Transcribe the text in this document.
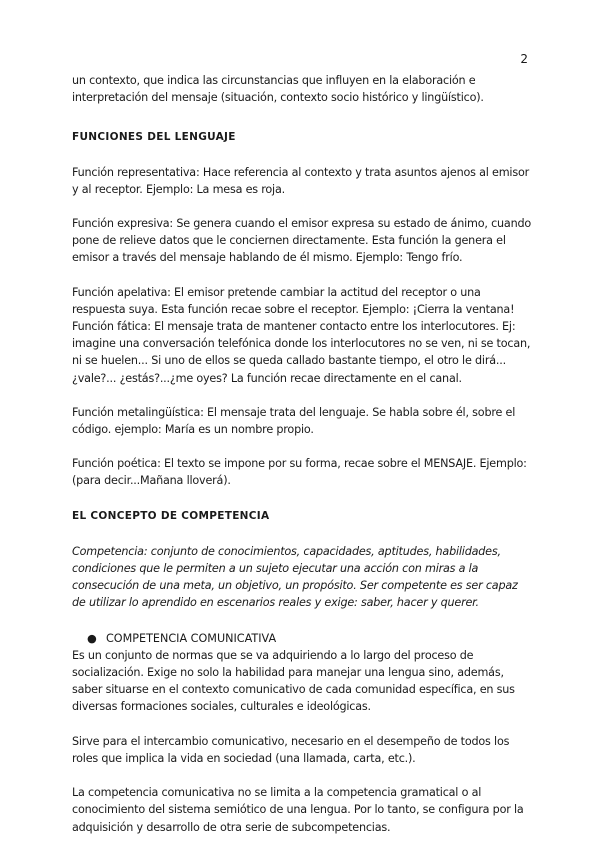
2

un contexto, que indica las circunstancias que influyen en la elaboración e interpretación del mensaje (situación, contexto socio histórico y lingüístico).

FUNCIONES DEL LENGUAJE

Función representativa: Hace referencia al contexto y trata asuntos ajenos al emisor y al receptor. Ejemplo: La mesa es roja.

Función expresiva: Se genera cuando el emisor expresa su estado de ánimo, cuando pone de relieve datos que le conciernen directamente. Esta función la genera el emisor a través del mensaje hablando de él mismo. Ejemplo: Tengo frío.

Función apelativa: El emisor pretende cambiar la actitud del receptor o una respuesta suya. Esta función recae sobre el receptor. Ejemplo: ¡Cierra la ventana!

Función fática: El mensaje trata de mantener contacto entre los interlocutores. Ej: imagine una conversación telefónica donde los interlocutores no se ven, ni se tocan, ni se huelen... Si uno de ellos se queda callado bastante tiempo, el otro le dirá... ¿vale?... ¿estás?...¿me oyes? La función recae directamente en el canal.

Función metalingüística: El mensaje trata del lenguaje. Se habla sobre él, sobre el código. ejemplo: María es un nombre propio.

Función poética: El texto se impone por su forma, recae sobre el MENSAJE. Ejemplo: (para decir...Mañana lloverá).

EL CONCEPTO DE COMPETENCIA

Competencia: conjunto de conocimientos, capacidades, aptitudes, habilidades, condiciones que le permiten a un sujeto ejecutar una acción con miras a la consecución de una meta, un objetivo, un propósito. Ser competente es ser capaz de utilizar lo aprendido en escenarios reales y exige: saber, hacer y querer.

● COMPETENCIA COMUNICATIVA

Es un conjunto de normas que se va adquiriendo a lo largo del proceso de socialización. Exige no solo la habilidad para manejar una lengua sino, además, saber situarse en el contexto comunicativo de cada comunidad específica, en sus diversas formaciones sociales, culturales e ideológicas.

Sirve para el intercambio comunicativo, necesario en el desempeño de todos los roles que implica la vida en sociedad (una llamada, carta, etc.).

La competencia comunicativa no se limita a la competencia gramatical o al conocimiento del sistema semiótico de una lengua. Por lo tanto, se configura por la adquisición y desarrollo de otra serie de subcompetencias.
